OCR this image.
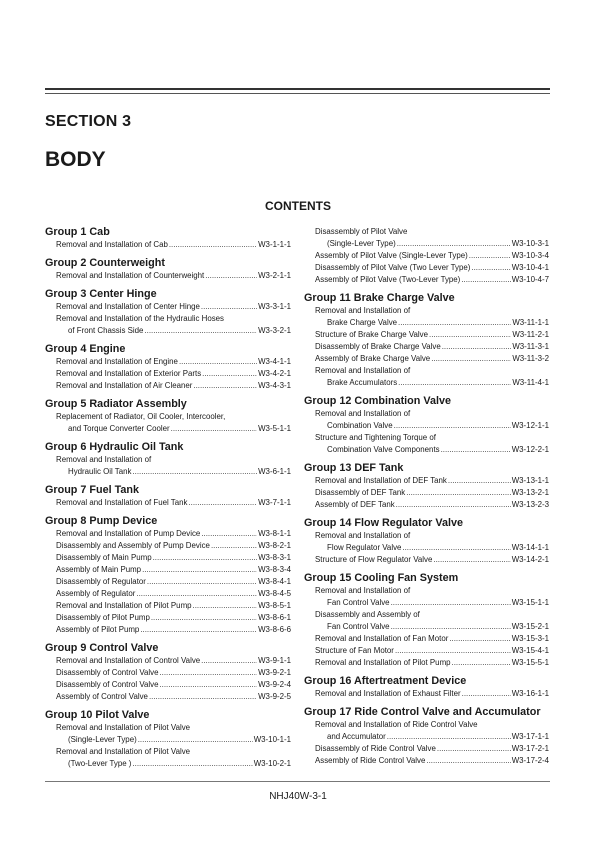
SECTION 3
BODY
CONTENTS
Group 1 Cab
Removal and Installation of Cab .....	W3-1-1-1
Group 2 Counterweight
Removal and Installation of Counterweight .....	W3-2-1-1
Group 3 Center Hinge
Removal and Installation of Center Hinge .....	W3-3-1-1
Removal and Installation of the Hydraulic Hoses
of Front Chassis Side .....	W3-3-2-1
Group 4 Engine
Removal and Installation of Engine .....	W3-4-1-1
Removal and Installation of Exterior Parts .....	W3-4-2-1
Removal and Installation of Air Cleaner .....	W3-4-3-1
Group 5 Radiator Assembly
Replacement of Radiator, Oil Cooler, Intercooler,
and Torque Converter Cooler .....	W3-5-1-1
Group 6 Hydraulic Oil Tank
Removal and Installation of
Hydraulic Oil Tank .....	W3-6-1-1
Group 7 Fuel Tank
Removal and Installation of Fuel Tank .....	W3-7-1-1
Group 8 Pump Device
Removal and Installation of Pump Device .....	W3-8-1-1
Disassembly and Assembly of Pump Device .....	W3-8-2-1
Disassembly of Main Pump .....	W3-8-3-1
Assembly of Main Pump .....	W3-8-3-4
Disassembly of Regulator .....	W3-8-4-1
Assembly of Regulator .....	W3-8-4-5
Removal and Installation of Pilot Pump .....	W3-8-5-1
Disassembly of Pilot Pump .....	W3-8-6-1
Assembly of Pilot Pump .....	W3-8-6-6
Group 9 Control Valve
Removal and Installation of Control Valve .....	W3-9-1-1
Disassembly of Control Valve .....	W3-9-2-1
Disassembly of Control Valve .....	W3-9-2-4
Assembly of Control Valve .....	W3-9-2-5
Group 10 Pilot Valve
Removal and Installation of Pilot Valve
(Single-Lever Type) .....	W3-10-1-1
Removal and Installation of Pilot Valve
(Two-Lever Type ) .....	W3-10-2-1
Disassembly of Pilot Valve
(Single-Lever Type) .....	W3-10-3-1
Assembly of Pilot Valve (Single-Lever Type) .....	W3-10-3-4
Disassembly of Pilot Valve (Two Lever Type) .....	W3-10-4-1
Assembly of Pilot Valve (Two-Lever Type) .....	W3-10-4-7
Group 11 Brake Charge Valve
Removal and Installation of
Brake Charge Valve .....	W3-11-1-1
Structure of Brake Charge Valve .....	W3-11-2-1
Disassembly of Brake Charge Valve .....	W3-11-3-1
Assembly of Brake Charge Valve .....	W3-11-3-2
Removal and Installation of
Brake Accumulators .....	W3-11-4-1
Group 12 Combination Valve
Removal and Installation of
Combination Valve .....	W3-12-1-1
Structure and Tightening Torque of
Combination Valve Components .....	W3-12-2-1
Group 13 DEF Tank
Removal and Installation of DEF Tank .....	W3-13-1-1
Disassembly of DEF Tank .....	W3-13-2-1
Assembly of DEF Tank .....	W3-13-2-3
Group 14 Flow Regulator Valve
Removal and Installation of
Flow Regulator Valve .....	W3-14-1-1
Structure of Flow Regulator Valve .....	W3-14-2-1
Group 15 Cooling Fan System
Removal and Installation of
Fan Control Valve .....	W3-15-1-1
Disassembly and Assembly of
Fan Control Valve .....	W3-15-2-1
Removal and Installation of Fan Motor .....	W3-15-3-1
Structure of Fan Motor .....	W3-15-4-1
Removal and Installation of Pilot Pump .....	W3-15-5-1
Group 16 Aftertreatment Device
Removal and Installation of Exhaust Filter .....	W3-16-1-1
Group 17 Ride Control Valve and Accumulator
Removal and Installation of Ride Control Valve
and Accumulator .....	W3-17-1-1
Disassembly of Ride Control Valve .....	W3-17-2-1
Assembly of Ride Control Valve .....	W3-17-2-4
NHJ40W-3-1
